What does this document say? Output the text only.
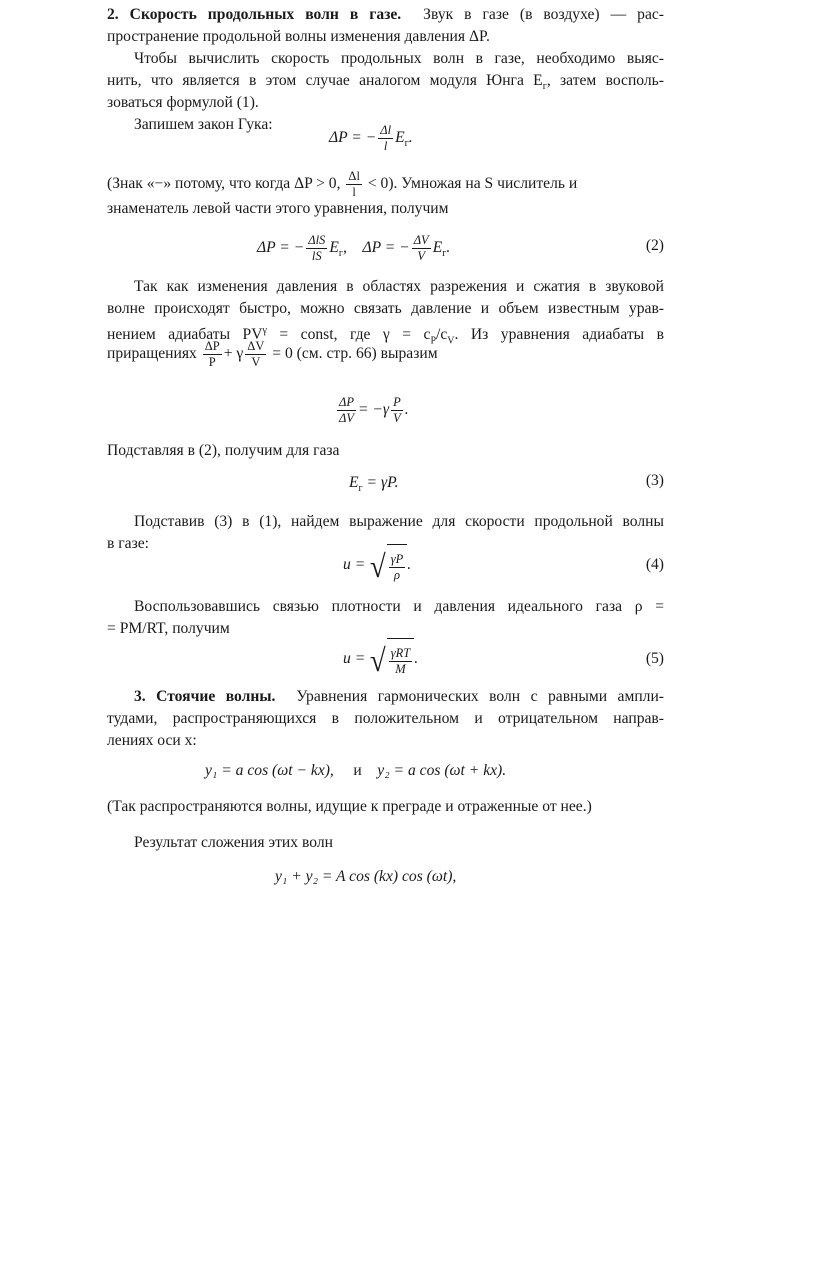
2. Скорость продольных волн в газе. Звук в газе (в воздухе) — рас-
пространение продольной волны изменения давления ΔP.
Чтобы вычислить скорость продольных волн в газе, необходимо выяс-
нить, что является в этом случае аналогом модуля Юнга $E_г$, затем восполь-
зоваться формулой (1).
Запишем закон Гука:
ΔP = − $\frac{\Delta l}{l} E_г$.
(Знак «−» потому, что когда ΔP > 0, $\frac{\Delta l}{l} < 0$). Умножая на S числитель и
знаменатель левой части этого уравнения, получим
ΔP = − $\frac{\text{ΔlS}}{lS} E_г$,    ΔP = − $\frac{\Delta V}{V} E_г$.	(2)
Так как изменения давления в областях разрежения и сжатия в звуковой
волне происходят быстро, можно связать давление и объем известным урав-
нением адиабаты $PV^\gamma$ = const, где $\gamma = c_P/c_V$. Из уравнения адиабаты в
приращениях $\frac{\Delta P}{P} + \gamma \frac{\Delta V}{V} = 0$ (см. стр. 66) выразим
$\frac{\Delta P}{\Delta V} = -\gamma \frac{P}{V}$ .
Подставляя в (2), получим для газа
$E_г = \gamma P$.	(3)
Подставив (3) в (1), найдем выражение для скорости продольной волны
в газе:
u = √ $\frac{\gamma P}{\rho}$ .	(4)
Воспользовавшись связью плотности и давления идеального газа ρ =
= PM/RT, получим
u = √ $\frac{\text{γRT}}{M}$ .	(5)
3. Стоячие волны. Уравнения гармонических волн с равными ампли-
тудами, распространяющихся в положительном и отрицательном направ-
лениях оси x:
y₁ = a cos (ωt − kx), и y₂ = a cos (ωt + kx).
(Так распространяются волны, идущие к преграде и отраженные от нее.)
Результат сложения этих волн
y₁ + y₂ = A cos (kx) cos (ωt),
